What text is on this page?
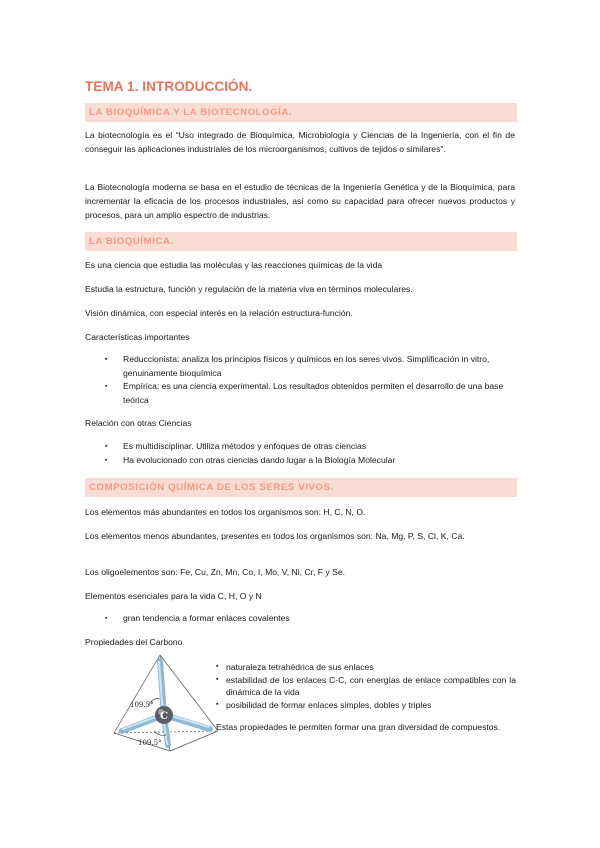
TEMA 1. INTRODUCCIÓN.
LA BIOQUÍMICA Y LA BIOTECNOLOGÍA.
La biotecnología es el “Uso integrado de Bioquímica, Microbiología y Ciencias de la Ingeniería, con el fin de conseguir las aplicaciones industriales de los microorganismos, cultivos de tejidos o similares”.
La Biotecnología moderna se basa en el estudio de técnicas de la Ingeniería Genética y de la Bioquímica, para incrementar la eficacia de los procesos industriales, así como su capacidad para ofrecer nuevos productos y procesos, para un amplio espectro de industrias.
LA BIOQUÍMICA.
Es una ciencia que estudia las moléculas y las reacciones químicas de la vida
Estudia la estructura, función y regulación de la materia viva en términos moleculares.
Visión dinámica, con especial interés en la relación estructura-función.
Características importantes
▪ Reduccionista: analiza los principios físicos y químicos en los seres vivos. Simplificación in vitro, genuinamente bioquímica
▪ Empírica: es una ciencia experimental. Los resultados obtenidos permiten el desarrollo de una base teórica
Relación con otras Ciencias
▪ Es multidisciplinar. Utiliza métodos y enfoques de otras ciencias
▪ Ha evolucionado con otras ciencias dando lugar a la Biología Molecular
COMPOSICIÓN QUÍMICA DE LOS SERES VIVOS.
Los elementos más abundantes en todos los organismos son: H, C, N, O.
Los elementos menos abundantes, presentes en todos los organismos son: Na, Mg, P, S, Cl, K, Ca.
Los oligoelementos son: Fe, Cu, Zn, Mn, Co, I, Mo, V, Ni, Cr, F y Se.
Elementos esenciales para la vida C, H, O y N
▪ gran tendencia a formar enlaces covalentes
Propiedades del Carbono
C
109.5°
109.5°
▪ naturaleza tetrahédrica de sus enlaces
▪ estabilidad de los enlaces C-C, con energías de enlace compatibles con la dinámica de la vida
▪ posibilidad de formar enlaces simples, dobles y triples
Estas propiedades le permiten formar una gran diversidad de compuestos.
